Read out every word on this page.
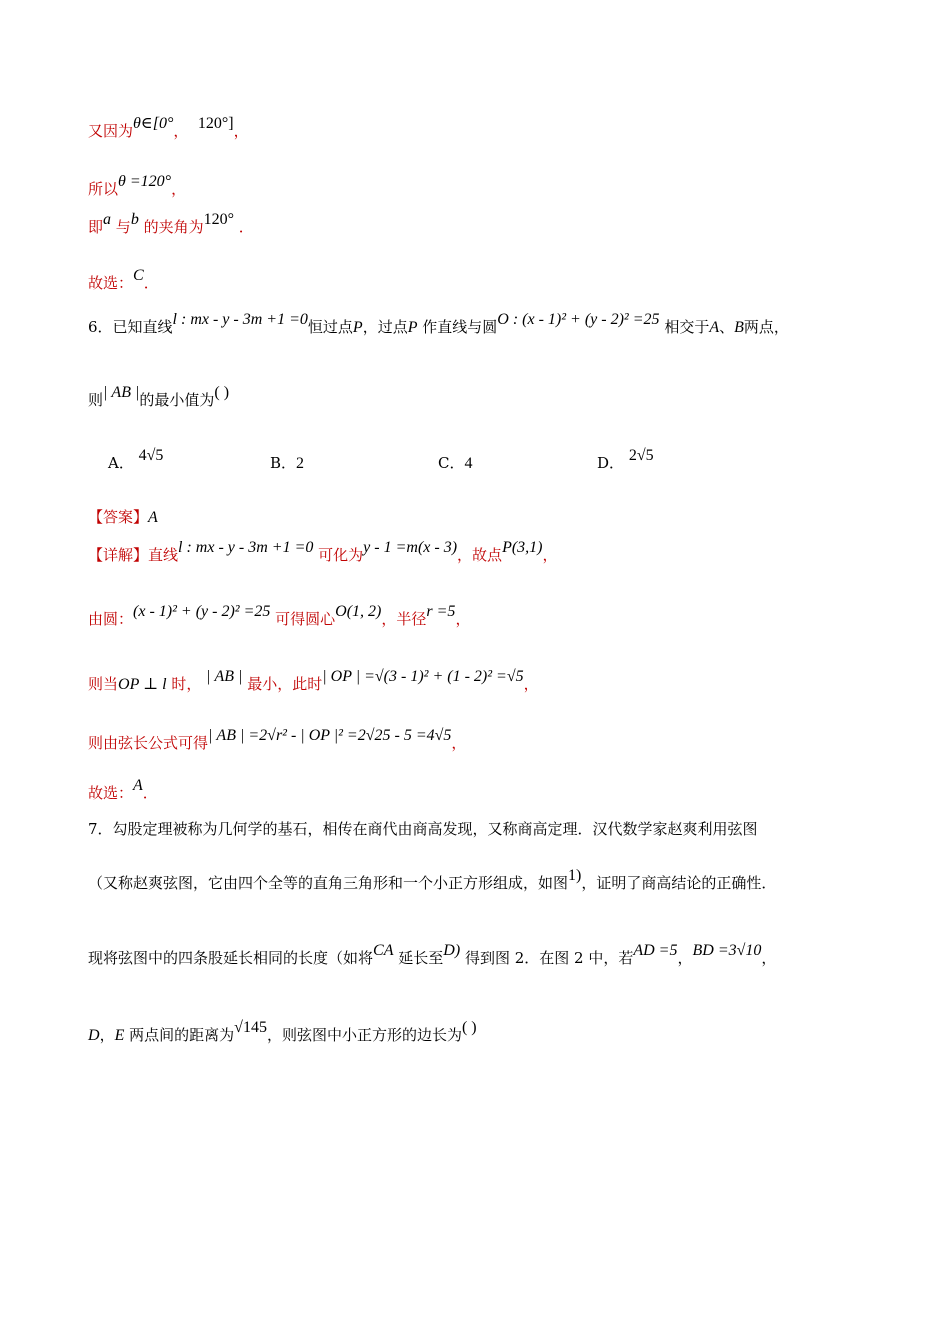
又因为θ∈[0°， 120°]，
所以θ =120°，
即a 与b 的夹角为120° ．
故选：C．
6．已知直线l : mx - y - 3m +1 =0恒过点P，过点P 作直线与圆O : (x - 1)² + (y - 2)² =25 相交于A、B两点，
则| AB |的最小值为( )
A． 4√5	B．2	C．4	D． 2√5
【答案】A
【详解】直线l : mx - y - 3m +1 =0 可化为y - 1 =m(x - 3)，故点P(3,1)，
由圆：(x - 1)² + (y - 2)² =25 可得圆心O(1, 2)，半径r =5，
则当OP ⊥ l 时， | AB | 最小，此时| OP | =√(3 - 1)² + (1 - 2)² =√5，
则由弦长公式可得| AB | =2√r² - | OP |² =2√25 - 5 =4√5，
故选：A．
7．勾股定理被称为几何学的基石，相传在商代由商高发现，又称商高定理．汉代数学家赵爽利用弦图
（又称赵爽弦图，它由四个全等的直角三角形和一个小正方形组成，如图1)，证明了商高结论的正确性．
现将弦图中的四条股延长相同的长度（如将CA 延长至D) 得到图 2．在图 2 中，若AD =5，BD =3√10，
D，E 两点间的距离为√145，则弦图中小正方形的边长为( )
